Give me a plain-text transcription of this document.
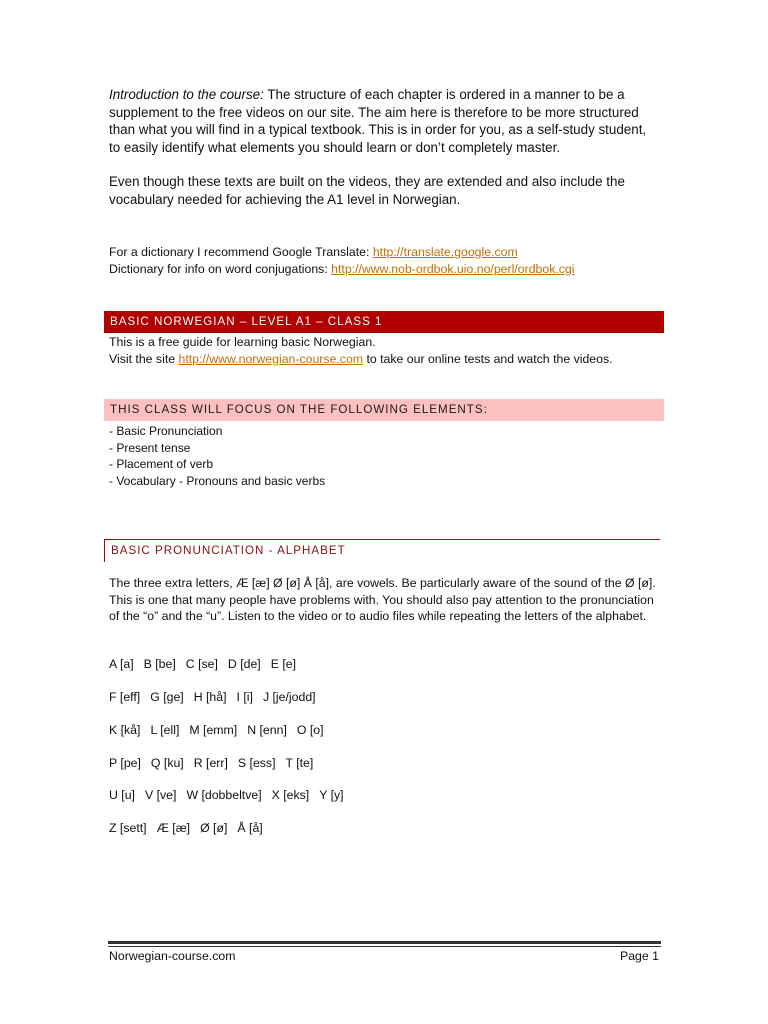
Introduction to the course: The structure of each chapter is ordered in a manner to be a supplement to the free videos on our site. The aim here is therefore to be more structured than what you will find in a typical textbook. This is in order for you, as a self-study student, to easily identify what elements you should learn or don’t completely master.

Even though these texts are built on the videos, they are extended and also include the vocabulary needed for achieving the A1 level in Norwegian.

For a dictionary I recommend Google Translate: http://translate.google.com
Dictionary for info on word conjugations: http://www.nob-ordbok.uio.no/perl/ordbok.cgi
BASIC NORWEGIAN – LEVEL A1 – CLASS 1
This is a free guide for learning basic Norwegian.
Visit the site http://www.norwegian-course.com to take our online tests and watch the videos.
THIS CLASS WILL FOCUS ON THE FOLLOWING ELEMENTS:
- Basic Pronunciation
- Present tense
- Placement of verb
- Vocabulary - Pronouns and basic verbs
BASIC PRONUNCIATION - ALPHABET
The three extra letters, Æ [æ] Ø [ø] Å [å], are vowels. Be particularly aware of the sound of the Ø [ø]. This is one that many people have problems with. You should also pay attention to the pronunciation of the “o” and the “u”. Listen to the video or to audio files while repeating the letters of the alphabet.
A [a] B [be] C [se] D [de] E [e]
F [eff] G [ge] H [hå] I [i] J [je/jodd]
K [kå] L [ell] M [emm] N [enn] O [o]
P [pe] Q [ku] R [err] S [ess] T [te]
U [u] V [ve] W [dobbeltve] X [eks] Y [y]
Z [sett] Æ [æ] Ø [ø] Å [å]
Norwegian-course.com	Page 1
